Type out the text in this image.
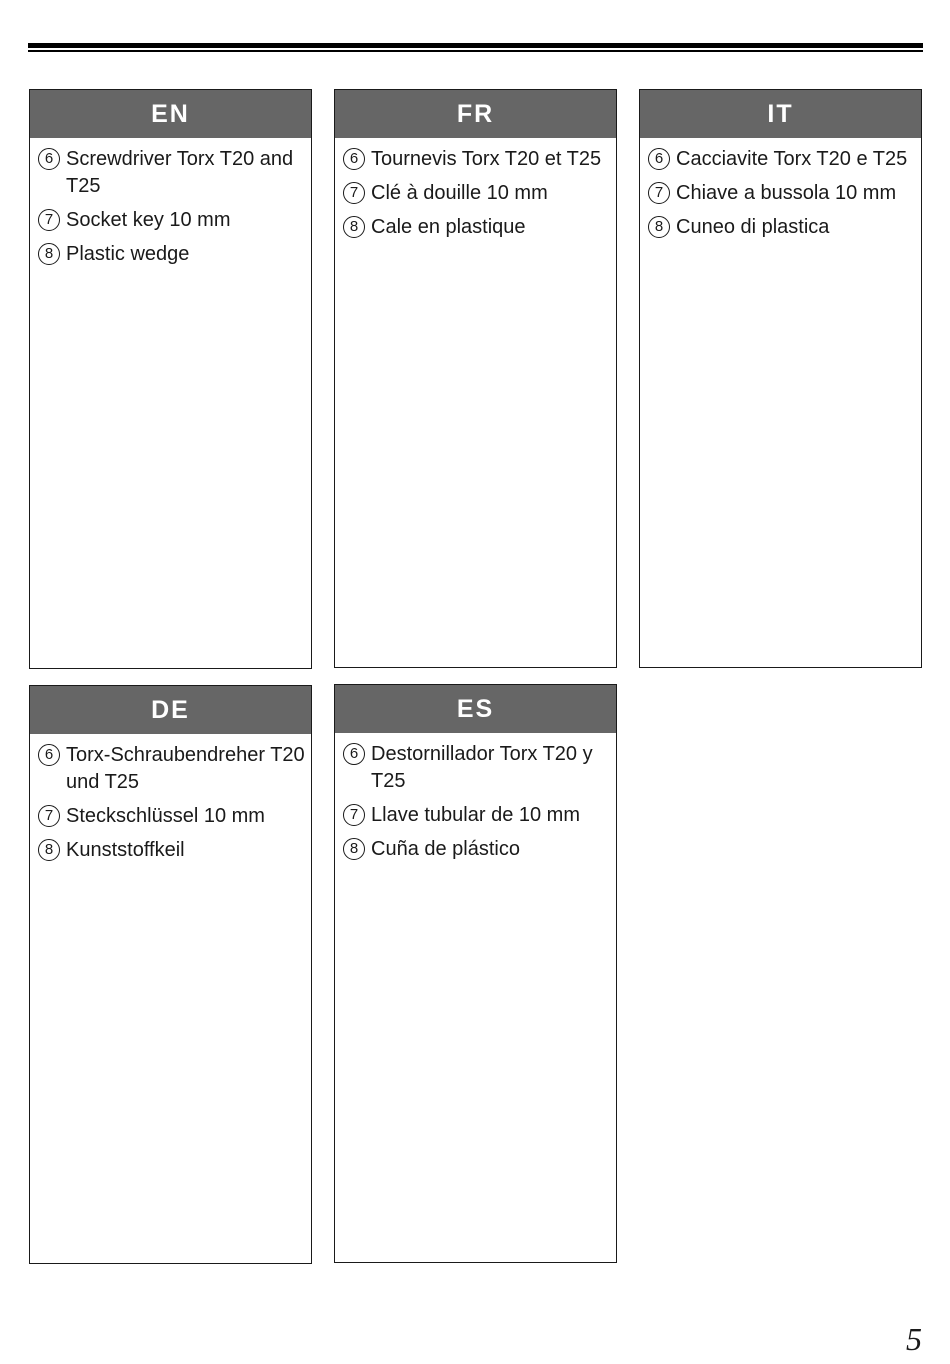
EN
6 Screwdriver Torx T20 and T25
7 Socket key 10 mm
8 Plastic wedge
FR
6 Tournevis Torx T20 et T25
7 Clé à douille 10 mm
8 Cale en plastique
IT
6 Cacciavite Torx T20 e T25
7 Chiave a bussola 10 mm
8 Cuneo di plastica
DE
6 Torx-Schraubendreher T20 und T25
7 Steckschlüssel 10 mm
8 Kunststoffkeil
ES
6 Destornillador Torx T20 y T25
7 Llave tubular de 10 mm
8 Cuña de plástico
5
